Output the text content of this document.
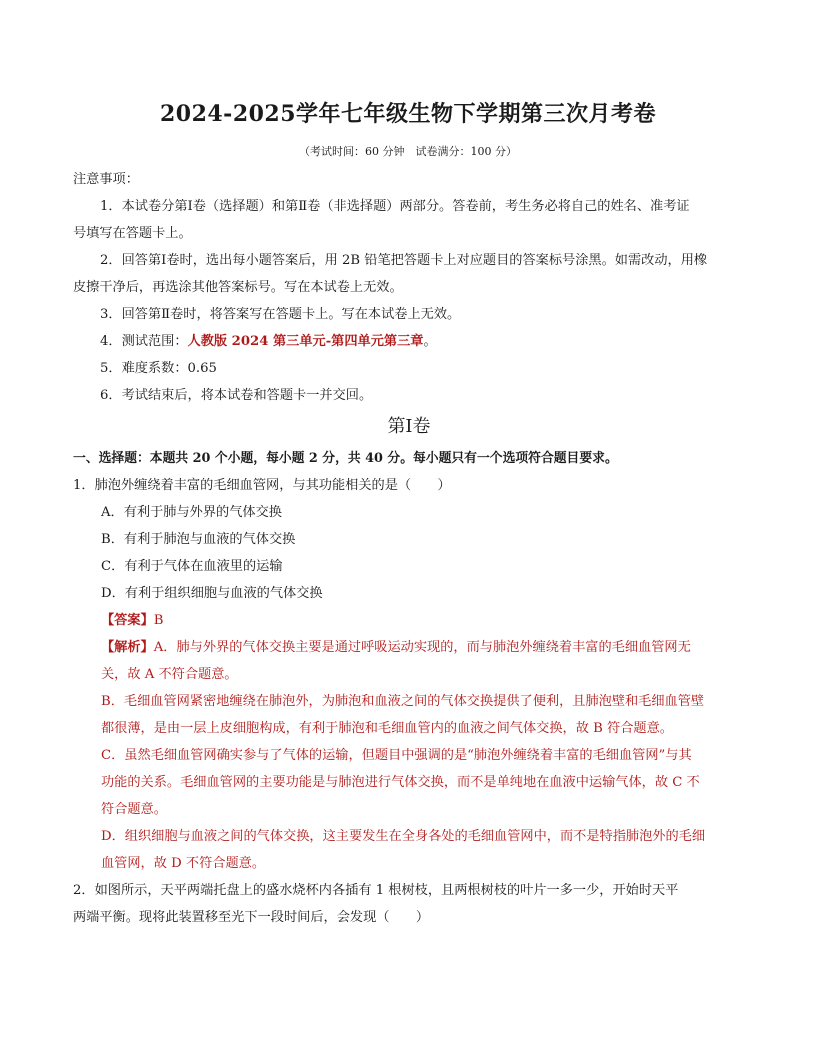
2024-2025学年七年级生物下学期第三次月考卷
（考试时间：60 分钟　试卷满分：100 分）

注意事项：

1．本试卷分第Ⅰ卷（选择题）和第Ⅱ卷（非选择题）两部分。答卷前，考生务必将自己的姓名、准考证

号填写在答题卡上。

2．回答第Ⅰ卷时，选出每小题答案后，用 2B 铅笔把答题卡上对应题目的答案标号涂黑。如需改动，用橡

皮擦干净后，再选涂其他答案标号。写在本试卷上无效。

3．回答第Ⅱ卷时，将答案写在答题卡上。写在本试卷上无效。

4．测试范围：人教版 2024 第三单元-第四单元第三章。

5．难度系数：0.65

6．考试结束后，将本试卷和答题卡一并交回。

第Ⅰ卷

一、选择题：本题共 20 个小题，每小题 2 分，共 40 分。每小题只有一个选项符合题目要求。

1．肺泡外缠绕着丰富的毛细血管网，与其功能相关的是（　　）

A．有利于肺与外界的气体交换

B．有利于肺泡与血液的气体交换

C．有利于气体在血液里的运输

D．有利于组织细胞与血液的气体交换

【答案】B

【解析】A．肺与外界的气体交换主要是通过呼吸运动实现的，而与肺泡外缠绕着丰富的毛细血管网无

关，故 A 不符合题意。

B．毛细血管网紧密地缠绕在肺泡外，为肺泡和血液之间的气体交换提供了便利，且肺泡壁和毛细血管壁

都很薄，是由一层上皮细胞构成，有利于肺泡和毛细血管内的血液之间气体交换，故 B 符合题意。

C．虽然毛细血管网确实参与了气体的运输，但题目中强调的是“肺泡外缠绕着丰富的毛细血管网”与其

功能的关系。毛细血管网的主要功能是与肺泡进行气体交换，而不是单纯地在血液中运输气体，故 C 不

符合题意。

D．组织细胞与血液之间的气体交换，这主要发生在全身各处的毛细血管网中，而不是特指肺泡外的毛细

血管网，故 D 不符合题意。

2．如图所示，天平两端托盘上的盛水烧杯内各插有 1 根树枝，且两根树枝的叶片一多一少，开始时天平

两端平衡。现将此装置移至光下一段时间后，会发现（　　）
